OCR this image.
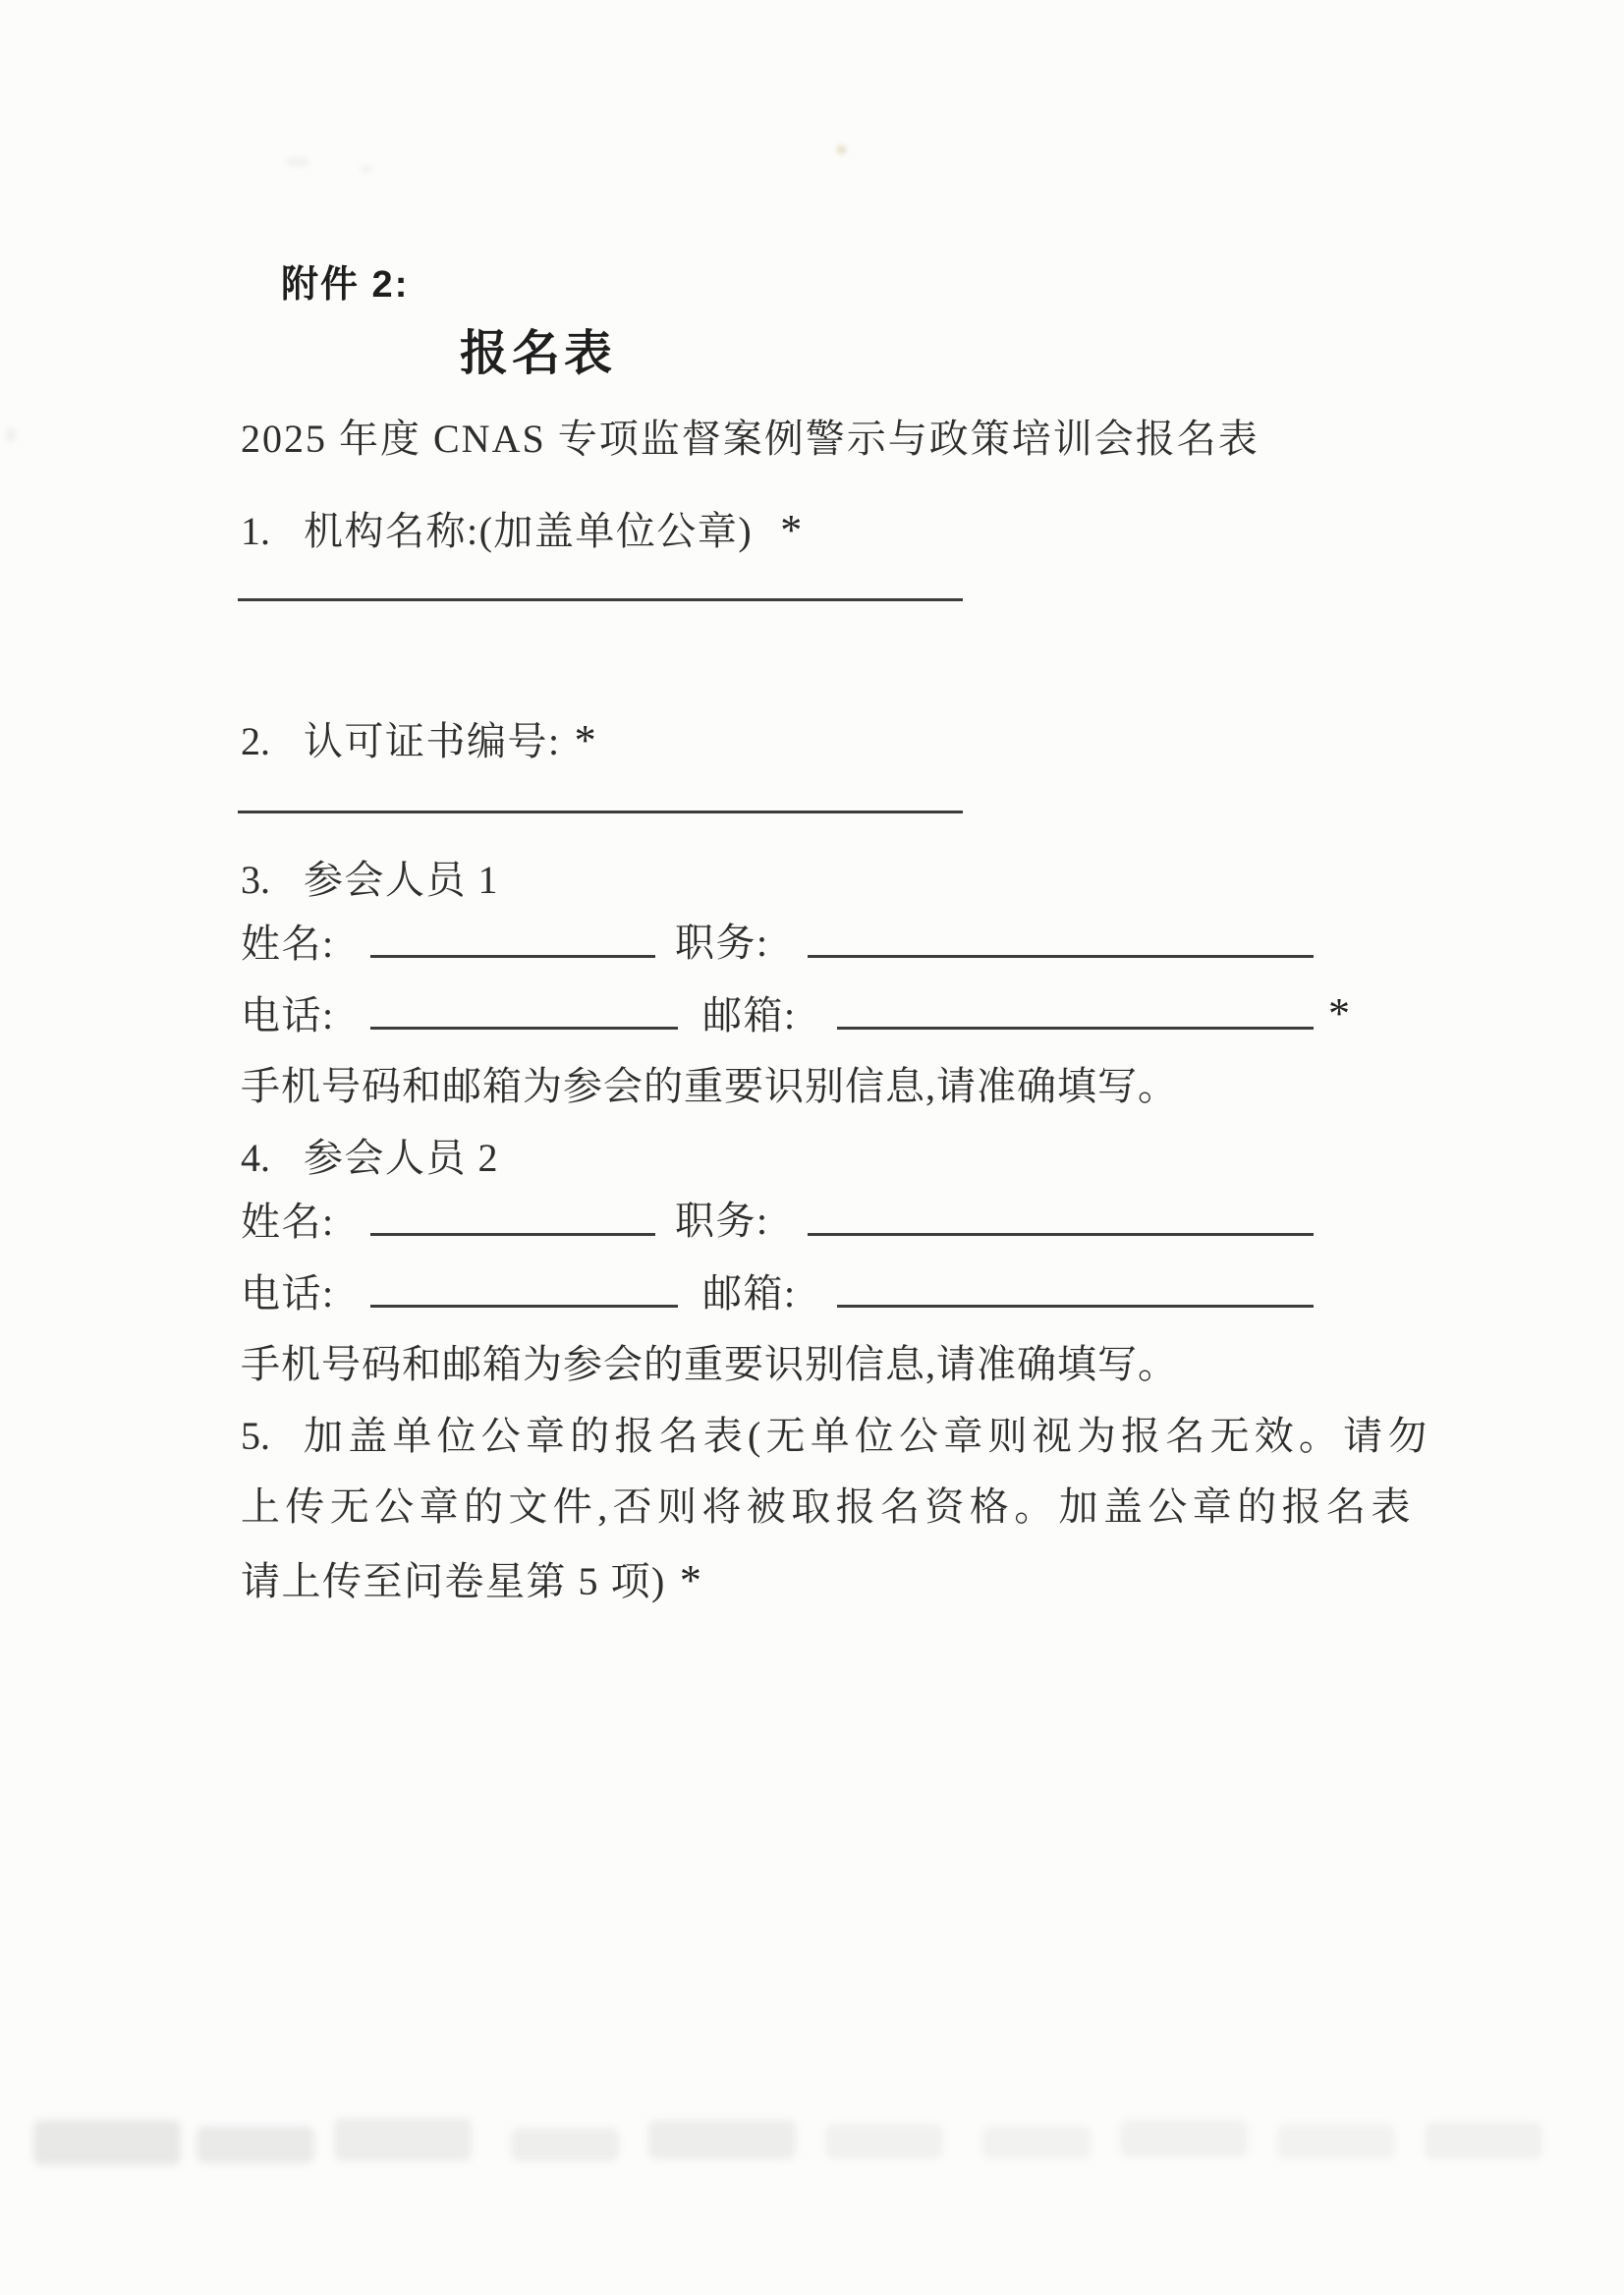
附件 2:
报名表
2025 年度 CNAS 专项监督案例警示与政策培训会报名表
1. 机构名称:(加盖单位公章) *
2. 认可证书编号: *
3. 参会人员 1
姓名:	职务:
电话:	邮箱:	*
手机号码和邮箱为参会的重要识别信息,请准确填写。
4. 参会人员 2
姓名:	职务:
电话:	邮箱:
手机号码和邮箱为参会的重要识别信息,请准确填写。
5. 加盖单位公章的报名表(无单位公章则视为报名无效。请勿
上传无公章的文件,否则将被取报名资格。加盖公章的报名表
请上传至问卷星第 5 项) *
